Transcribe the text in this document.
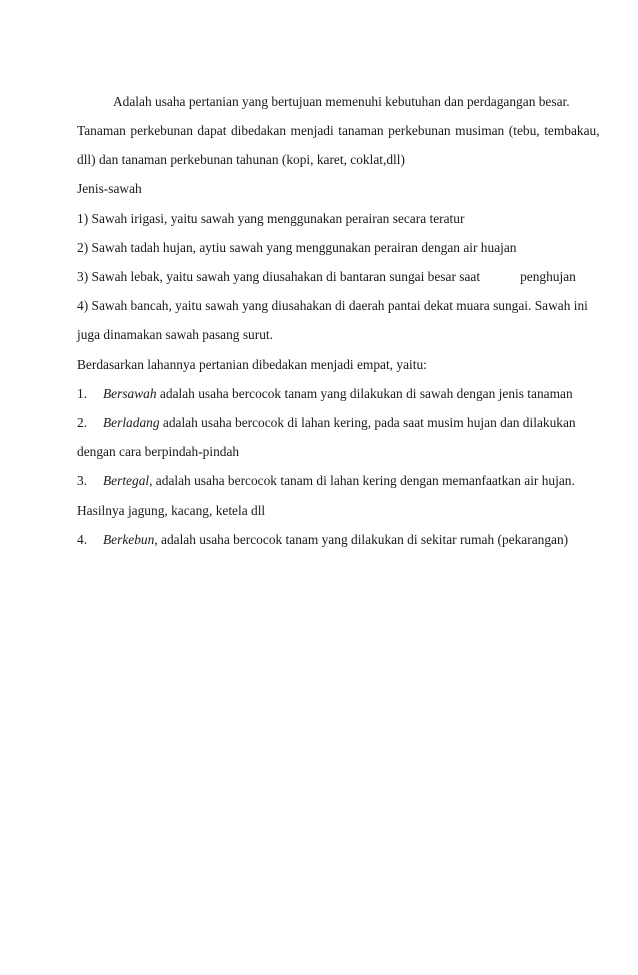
Adalah usaha pertanian yang bertujuan memenuhi kebutuhan dan perdagangan besar.
Tanaman perkebunan dapat dibedakan menjadi tanaman perkebunan musiman (tebu, tembakau,
dll) dan tanaman perkebunan tahunan (kopi, karet, coklat,dll)
Jenis-sawah
1) Sawah irigasi, yaitu sawah yang menggunakan perairan secara teratur
2) Sawah tadah hujan, aytiu sawah yang menggunakan perairan dengan air huajan
3) Sawah lebak, yaitu sawah yang diusahakan di bantaran sungai besar saat	penghujan
4) Sawah bancah, yaitu sawah yang diusahakan di daerah pantai dekat muara sungai. Sawah ini
juga dinamakan sawah pasang surut.
Berdasarkan lahannya pertanian dibedakan menjadi empat, yaitu:
1. Bersawah adalah usaha bercocok tanam yang dilakukan di sawah dengan jenis tanaman
2. Berladang adalah usaha bercocok di lahan kering, pada saat musim hujan dan dilakukan
dengan cara berpindah-pindah
3. Bertegal, adalah usaha bercocok tanam di lahan kering dengan memanfaatkan air hujan.
Hasilnya jagung, kacang, ketela dll
4. Berkebun, adalah usaha bercocok tanam yang dilakukan di sekitar rumah (pekarangan)
